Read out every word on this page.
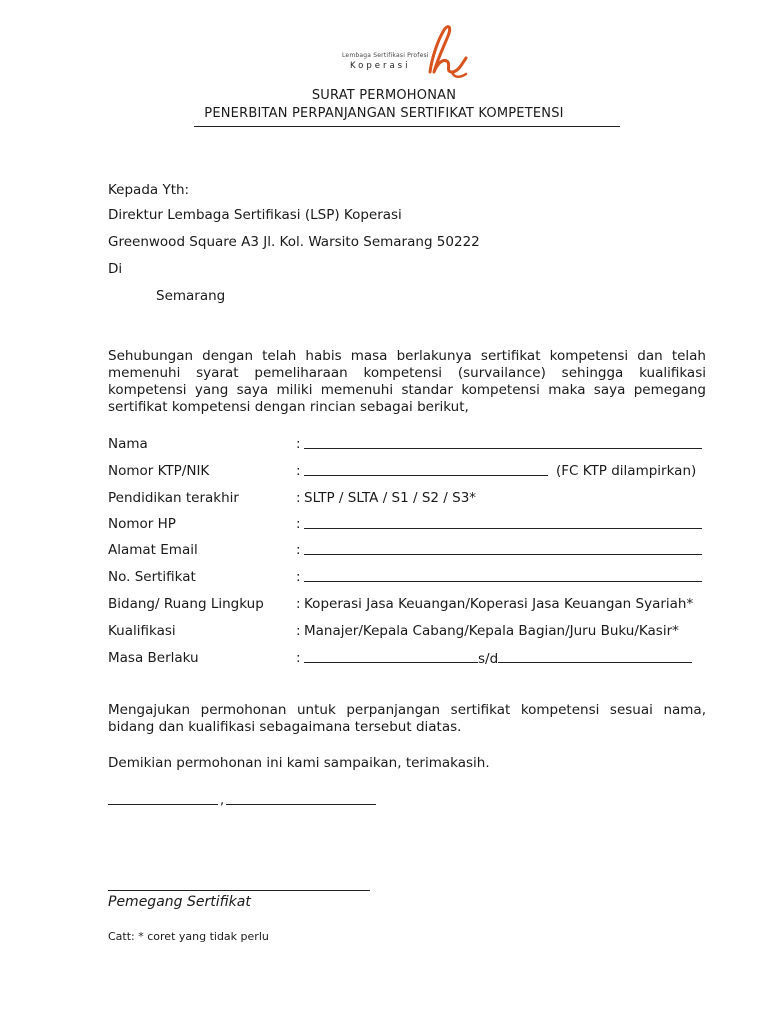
Lembaga Sertifikasi Profesi
Koperasi
SURAT PERMOHONAN
PENERBITAN PERPANJANGAN SERTIFIKAT KOMPETENSI
Kepada Yth:
Direktur Lembaga Sertifikasi (LSP) Koperasi
Greenwood Square A3 Jl. Kol. Warsito Semarang 50222
Di
Semarang
Sehubungan dengan telah habis masa berlakunya sertifikat kompetensi dan telah memenuhi syarat pemeliharaan kompetensi (survailance) sehingga kualifikasi kompetensi yang saya miliki memenuhi standar kompetensi maka saya pemegang sertifikat kompetensi dengan rincian sebagai berikut,
Nama	:
Nomor KTP/NIK	:	(FC KTP dilampirkan)
Pendidikan terakhir	: SLTP / SLTA / S1 / S2 / S3*
Nomor HP	:
Alamat Email	:
No. Sertifikat	:
Bidang/ Ruang Lingkup : Koperasi Jasa Keuangan/Koperasi Jasa Keuangan Syariah*
Kualifikasi	: Manajer/Kepala Cabang/Kepala Bagian/Juru Buku/Kasir*
Masa Berlaku	:	s/d
Mengajukan permohonan untuk perpanjangan sertifikat kompetensi sesuai nama, bidang dan kualifikasi sebagaimana tersebut diatas.
Demikian permohonan ini kami sampaikan, terimakasih.
,
Pemegang Sertifikat
Catt: * coret yang tidak perlu
